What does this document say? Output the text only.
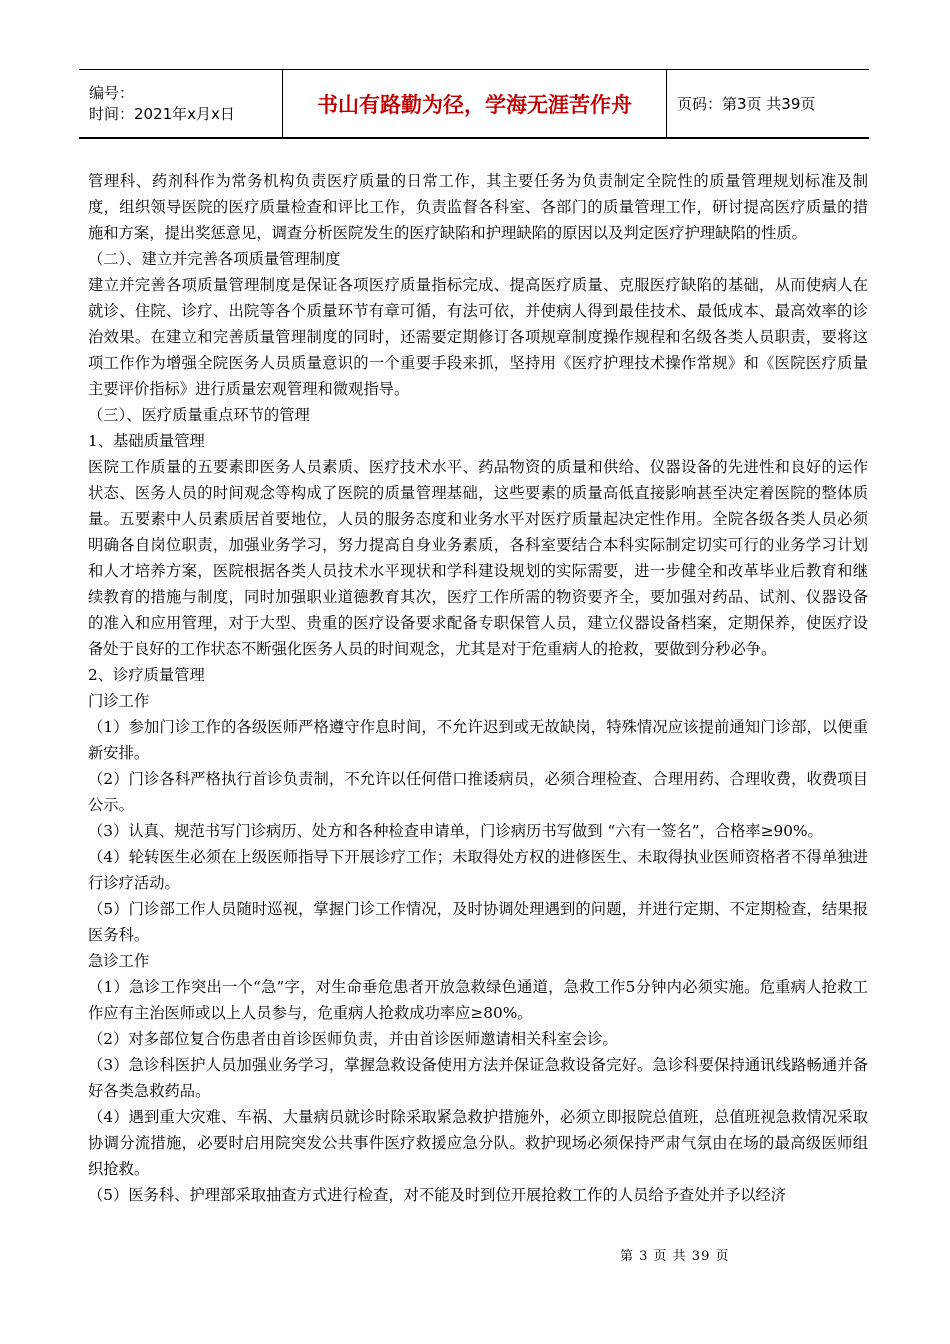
编号：
时间：2021年x月x日	书山有路勤为径，学海无涯苦作舟	页码：第3页 共39页

管理科、药剂科作为常务机构负责医疗质量的日常工作，其主要任务为负责制定全院性的质量管理规划标准及制度，组织领导医院的医疗质量检查和评比工作，负责监督各科室、各部门的质量管理工作，研讨提高医疗质量的措施和方案，提出奖惩意见，调查分析医院发生的医疗缺陷和护理缺陷的原因以及判定医疗护理缺陷的性质。

（二）、建立并完善各项质量管理制度

建立并完善各项质量管理制度是保证各项医疗质量指标完成、提高医疗质量、克服医疗缺陷的基础，从而使病人在就诊、住院、诊疗、出院等各个质量环节有章可循，有法可依，并使病人得到最佳技术、最低成本、最高效率的诊治效果。在建立和完善质量管理制度的同时，还需要定期修订各项规章制度操作规程和名级各类人员职责，要将这项工作作为增强全院医务人员质量意识的一个重要手段来抓，坚持用《医疗护理技术操作常规》和《医院医疗质量主要评价指标》进行质量宏观管理和微观指导。

（三）、医疗质量重点环节的管理

1、基础质量管理

医院工作质量的五要素即医务人员素质、医疗技术水平、药品物资的质量和供给、仪器设备的先进性和良好的运作状态、医务人员的时间观念等构成了医院的质量管理基础，这些要素的质量高低直接影响甚至决定着医院的整体质量。五要素中人员素质居首要地位，人员的服务态度和业务水平对医疗质量起决定性作用。全院各级各类人员必须明确各自岗位职责，加强业务学习，努力提高自身业务素质，各科室要结合本科实际制定切实可行的业务学习计划和人才培养方案，医院根据各类人员技术水平现状和学科建设规划的实际需要，进一步健全和改革毕业后教育和继续教育的措施与制度，同时加强职业道德教育其次，医疗工作所需的物资要齐全，要加强对药品、试剂、仪器设备的准入和应用管理，对于大型、贵重的医疗设备要求配备专职保管人员，建立仪器设备档案，定期保养，使医疗设备处于良好的工作状态不断强化医务人员的时间观念，尤其是对于危重病人的抢救，要做到分秒必争。

2、诊疗质量管理

门诊工作

（1）参加门诊工作的各级医师严格遵守作息时间，不允许迟到或无故缺岗，特殊情况应该提前通知门诊部，以便重新安排。

（2）门诊各科严格执行首诊负责制，不允许以任何借口推诿病员，必须合理检查、合理用药、合理收费，收费项目公示。

（3）认真、规范书写门诊病历、处方和各种检查申请单，门诊病历书写做到 “六有一签名”，合格率≥90%。

（4）轮转医生必须在上级医师指导下开展诊疗工作；未取得处方权的进修医生、未取得执业医师资格者不得单独进行诊疗活动。

（5）门诊部工作人员随时巡视，掌握门诊工作情况，及时协调处理遇到的问题，并进行定期、不定期检查，结果报医务科。

急诊工作

（1）急诊工作突出一个“急”字，对生命垂危患者开放急救绿色通道，急救工作5分钟内必须实施。危重病人抢救工作应有主治医师或以上人员参与，危重病人抢救成功率应≥80%。

（2）对多部位复合伤患者由首诊医师负责，并由首诊医师邀请相关科室会诊。

（3）急诊科医护人员加强业务学习，掌握急救设备使用方法并保证急救设备完好。急诊科要保持通讯线路畅通并备好各类急救药品。

（4）遇到重大灾难、车祸、大量病员就诊时除采取紧急救护措施外，必须立即报院总值班，总值班视急救情况采取协调分流措施，必要时启用院突发公共事件医疗救援应急分队。救护现场必须保持严肃气氛由在场的最高级医师组织抢救。

（5）医务科、护理部采取抽查方式进行检查，对不能及时到位开展抢救工作的人员给予查处并予以经济

第 3 页 共 39 页
